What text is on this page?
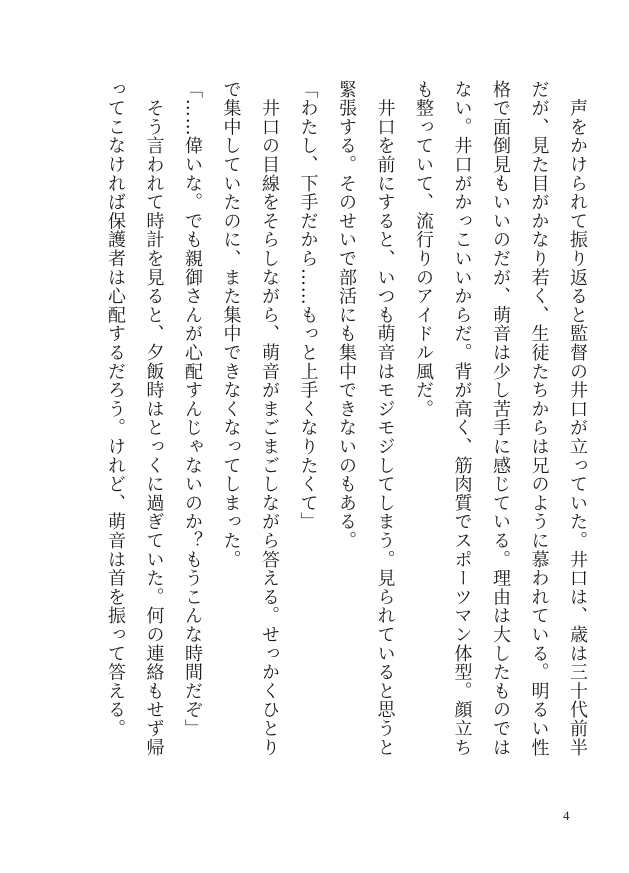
　声をかけられて振り返ると監督の井口が立っていた。井口は、歳は三十代前半

だが、見た目がかなり若く、生徒たちからは兄のように慕われている。明るい性

格で面倒見もいいのだが、萌音は少し苦手に感じている。理由は大したものでは

ない。井口がかっこいいからだ。背が高く、筋肉質でスポーツマン体型。顔立ち

も整っていて、流行りのアイドル風だ。

　井口を前にすると、いつも萌音はモジモジしてしまう。見られていると思うと

緊張する。そのせいで部活にも集中できないのもある。

「わたし、下手だから……もっと上手くなりたくて」

　井口の目線をそらしながら、萌音がまごまごしながら答える。せっかくひとり

で集中していたのに、また集中できなくなってしまった。

「……偉いな。でも親御さんが心配すんじゃないのか？もうこんな時間だぞ」

　そう言われて時計を見ると、夕飯時はとっくに過ぎていた。何の連絡もせず帰

ってこなければ保護者は心配するだろう。けれど、萌音は首を振って答える。

4
